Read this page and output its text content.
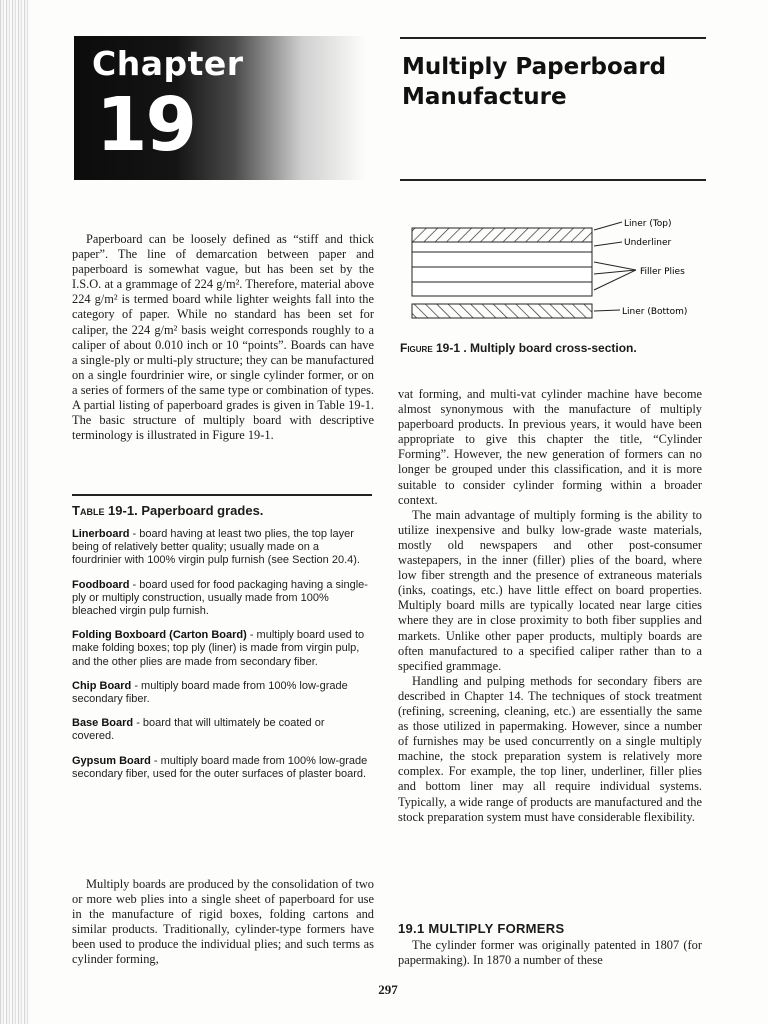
Chapter
19
Multiply Paperboard Manufacture

Paperboard can be loosely defined as “stiff and thick paper”. The line of demarcation between paper and paperboard is somewhat vague, but has been set by the I.S.O. at a grammage of 224 g/m². Therefore, material above 224 g/m² is termed board while lighter weights fall into the category of paper. While no standard has been set for caliper, the 224 g/m² basis weight corresponds roughly to a caliper of about 0.010 inch or 10 “points”. Boards can have a single-ply or multi-ply structure; they can be manufactured on a single fourdrinier wire, or single cylinder former, or on a series of formers of the same type or combination of types. A partial listing of paperboard grades is given in Table 19-1. The basic structure of multiply board with descriptive terminology is illustrated in Figure 19-1.

Table 19-1. Paperboard grades.
Linerboard - board having at least two plies, the top layer being of relatively better quality; usually made on a fourdrinier with 100% virgin pulp furnish (see Section 20.4).
Foodboard - board used for food packaging having a single-ply or multiply construction, usually made from 100% bleached virgin pulp furnish.
Folding Boxboard (Carton Board) - multiply board used to make folding boxes; top ply (liner) is made from virgin pulp, and the other plies are made from secondary fiber.
Chip Board - multiply board made from 100% low-grade secondary fiber.
Base Board - board that will ultimately be coated or covered.
Gypsum Board - multiply board made from 100% low-grade secondary fiber, used for the outer surfaces of plaster board.

Multiply boards are produced by the consolidation of two or more web plies into a single sheet of paperboard for use in the manufacture of rigid boxes, folding cartons and similar products. Traditionally, cylinder-type formers have been used to produce the individual plies; and such terms as cylinder forming,

Liner (Top)
Underliner
Filler Plies
Liner (Bottom)
Figure 19-1 . Multiply board cross-section.

vat forming, and multi-vat cylinder machine have become almost synonymous with the manufacture of multiply paperboard products. In previous years, it would have been appropriate to give this chapter the title, “Cylinder Forming”. However, the new generation of formers can no longer be grouped under this classification, and it is more suitable to consider cylinder forming within a broader context.

The main advantage of multiply forming is the ability to utilize inexpensive and bulky low-grade waste materials, mostly old newspapers and other post-consumer wastepapers, in the inner (filler) plies of the board, where low fiber strength and the presence of extraneous materials (inks, coatings, etc.) have little effect on board properties. Multiply board mills are typically located near large cities where they are in close proximity to both fiber supplies and markets. Unlike other paper products, multiply boards are often manufactured to a specified caliper rather than to a specified grammage.

Handling and pulping methods for secondary fibers are described in Chapter 14. The techniques of stock treatment (refining, screening, cleaning, etc.) are essentially the same as those utilized in papermaking. However, since a number of furnishes may be used concurrently on a single multiply machine, the stock preparation system is relatively more complex. For example, the top liner, underliner, filler plies and bottom liner may all require individual systems. Typically, a wide range of products are manufactured and the stock preparation system must have considerable flexibility.

19.1 MULTIPLY FORMERS

The cylinder former was originally patented in 1807 (for papermaking). In 1870 a number of these

297
